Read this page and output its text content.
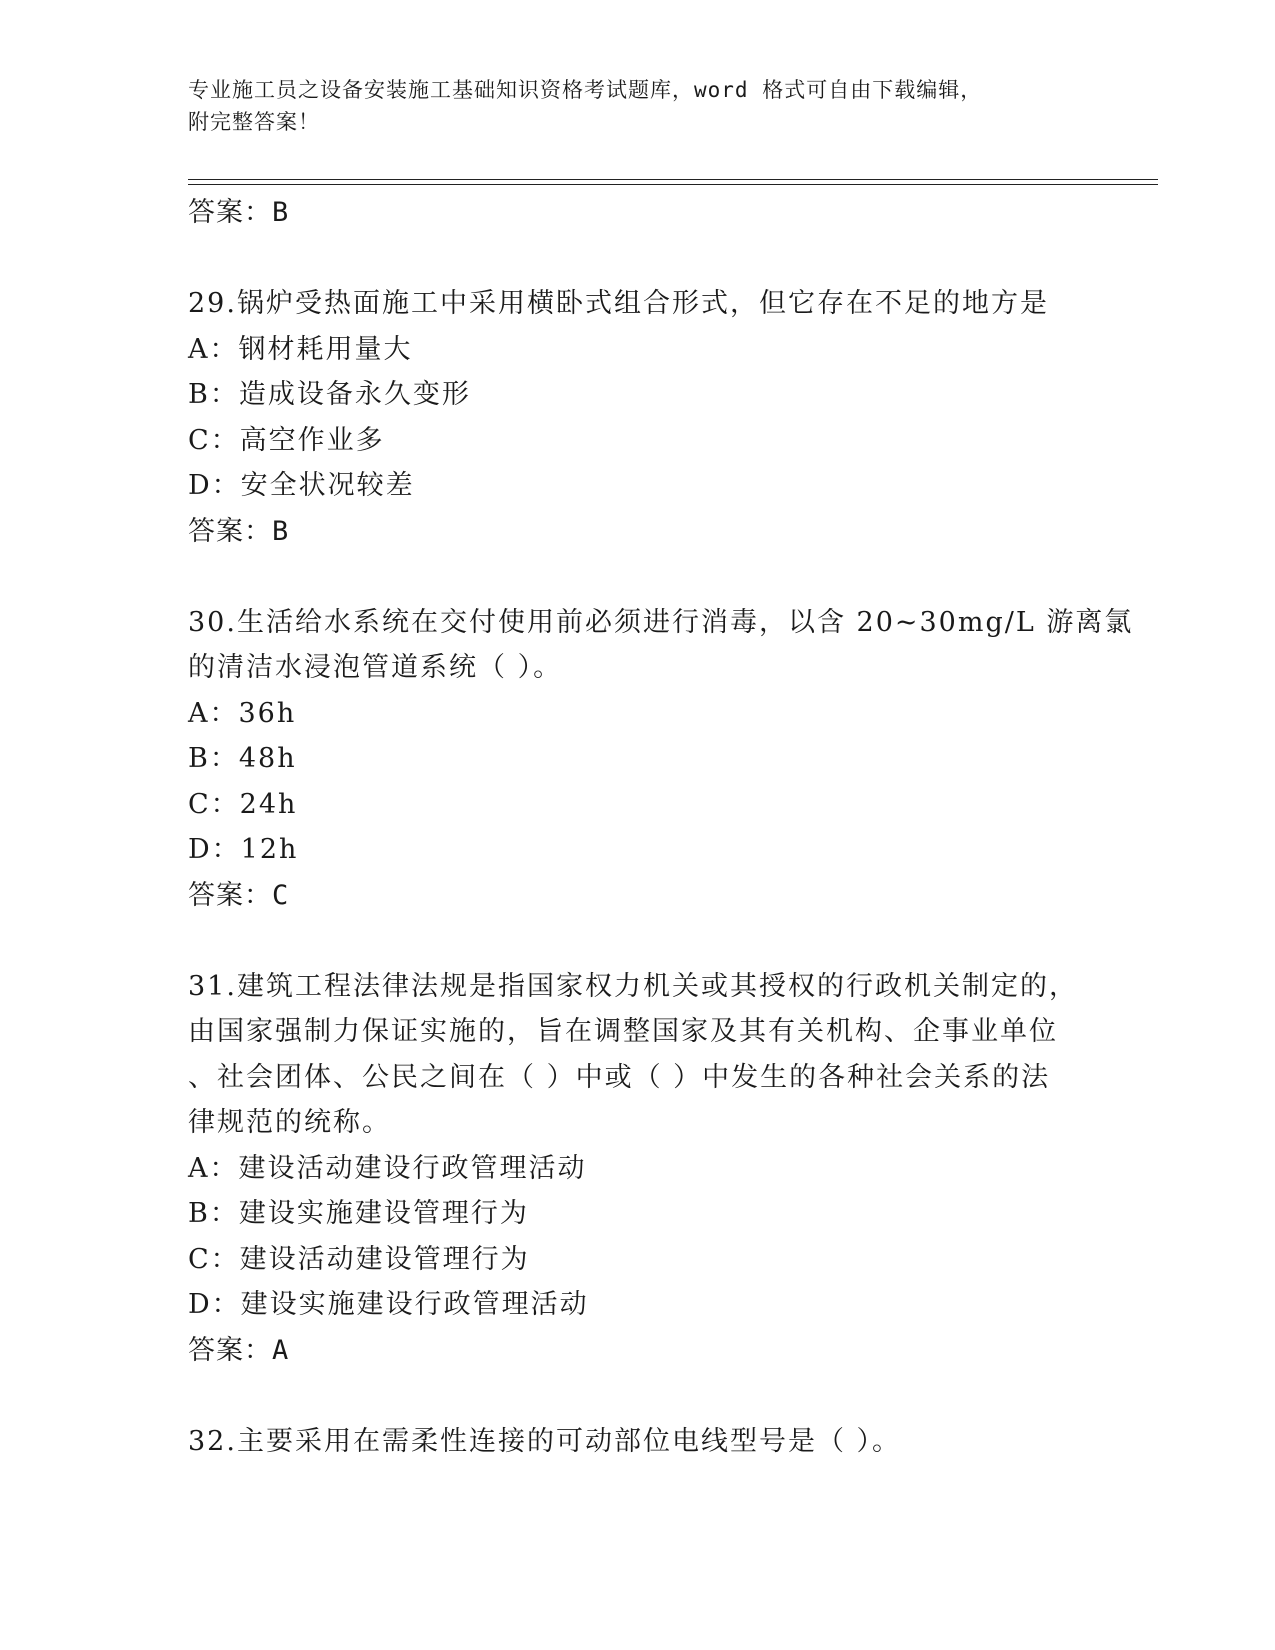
专业施工员之设备安装施工基础知识资格考试题库，word 格式可自由下载编辑，
附完整答案！
答案：B
29.锅炉受热面施工中采用横卧式组合形式，但它存在不足的地方是
A：钢材耗用量大
B：造成设备永久变形
C：高空作业多
D：安全状况较差
答案：B
30.生活给水系统在交付使用前必须进行消毒，以含 20~30mg/L 游离氯
的清洁水浸泡管道系统（ ）。
A：36h
B：48h
C：24h
D：12h
答案：C
31.建筑工程法律法规是指国家权力机关或其授权的行政机关制定的，
由国家强制力保证实施的，旨在调整国家及其有关机构、企事业单位
、社会团体、公民之间在（ ）中或（ ）中发生的各种社会关系的法
律规范的统称。
A：建设活动建设行政管理活动
B：建设实施建设管理行为
C：建设活动建设管理行为
D：建设实施建设行政管理活动
答案：A
32.主要采用在需柔性连接的可动部位电线型号是（ ）。
